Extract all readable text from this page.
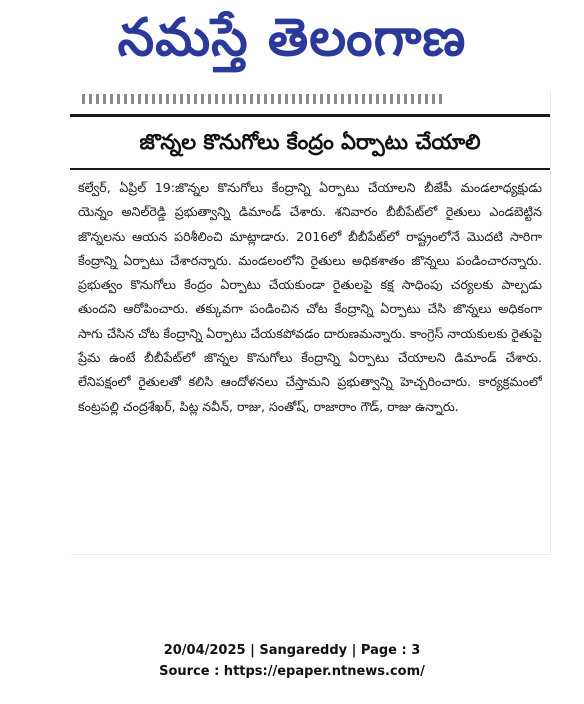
నమస్తే తెలంగాణ
జొన్నల కొనుగోలు కేంద్రం ఏర్పాటు చేయాలి
కల్వేర్, ఏప్రిల్ 19:జొన్నల కొనుగోలు కేంద్రాన్ని ఏర్పాటు చేయాలని బీజేపీ మండలాధ్యక్షుడు యెన్నం అనిల్‌రెడ్డి ప్రభుత్వాన్ని డిమాండ్ చేశారు. శనివారం బీబీపేట్‌లో రైతులు ఎండబెట్టిన జొన్నలను ఆయన పరిశీలించి మాట్లాడారు. 2016లో బీబీపేట్‌లో రాష్ట్రంలోనే మొదటి సారిగా కేంద్రాన్ని ఏర్పాటు చేశారన్నారు. మండలంలోని రైతులు అధికశాతం జొన్నలు పండించారన్నారు. ప్రభుత్వం కొనుగోలు కేంద్రం ఏర్పాటు చేయకుండా రైతులపై కక్ష సాధింపు చర్యలకు పాల్పడు తుందని ఆరోపించారు. తక్కువగా పండించిన చోట కేంద్రాన్ని ఏర్పాటు చేసి జొన్నలు అధికంగా సాగు చేసిన చోట కేంద్రాన్ని ఏర్పాటు చేయకపోవడం దారుణమన్నారు. కాంగ్రెస్ నాయకులకు రైతుపై ప్రేమ ఉంటే బీబీపేట్‌లో జొన్నల కొనుగోలు కేంద్రాన్ని ఏర్పాటు చేయాలని డిమాండ్ చేశారు. లేనిపక్షంలో రైతులతో కలిసి ఆందోళనలు చేస్తామని ప్రభుత్వాన్ని హెచ్చరించారు. కార్యక్రమంలో కంట్రపల్లి చంద్రశేఖర్, పిట్ల నవీన్, రాజు, సంతోష్, రాజారాం గౌడ్, రాజు ఉన్నారు.
20/04/2025 | Sangareddy | Page : 3
Source : https://epaper.ntnews.com/
